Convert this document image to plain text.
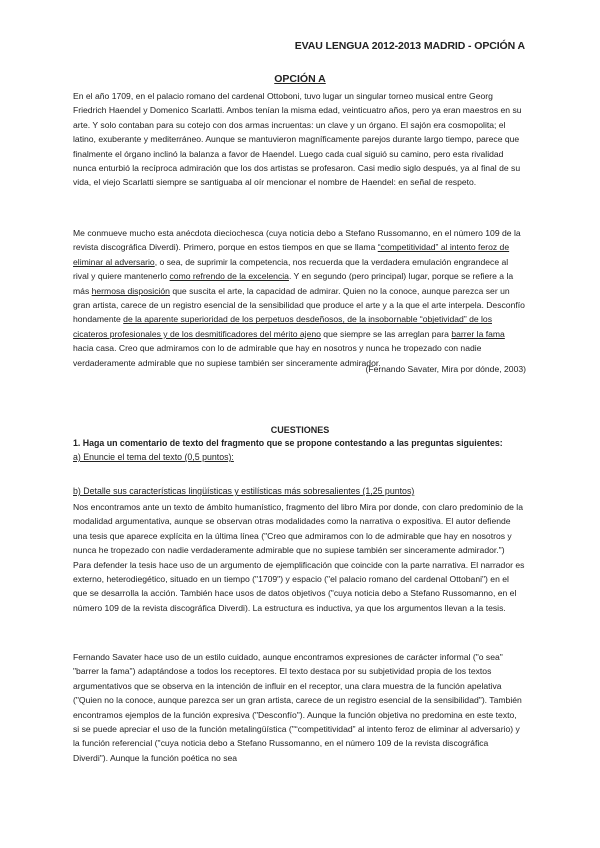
EVAU LENGUA 2012-2013 MADRID - OPCIÓN A
OPCIÓN A

En el año 1709, en el palacio romano del cardenal Ottoboni, tuvo lugar un singular torneo musical entre Georg Friedrich Haendel y Domenico Scarlatti. Ambos tenían la misma edad, veinticuatro años, pero ya eran maestros en su arte. Y solo contaban para su cotejo con dos armas incruentas: un clave y un órgano. El sajón era cosmopolita; el latino, exuberante y mediterráneo. Aunque se mantuvieron magníficamente parejos durante largo tiempo, parece que finalmente el órgano inclinó la balanza a favor de Haendel. Luego cada cual siguió su camino, pero esta rivalidad nunca enturbió la recíproca admiración que los dos artistas se profesaron. Casi medio siglo después, ya al final de su vida, el viejo Scarlatti siempre se santiguaba al oír mencionar el nombre de Haendel: en señal de respeto.

Me conmueve mucho esta anécdota dieciochesca (cuya noticia debo a Stefano Russomanno, en el número 109 de la revista discográfica Diverdi). Primero, porque en estos tiempos en que se llama “competitividad” al intento feroz de eliminar al adversario, o sea, de suprimir la competencia, nos recuerda que la verdadera emulación engrandece al rival y quiere mantenerlo como refrendo de la excelencia. Y en segundo (pero principal) lugar, porque se refiere a la más hermosa disposición que suscita el arte, la capacidad de admirar. Quien no la conoce, aunque parezca ser un gran artista, carece de un registro esencial de la sensibilidad que produce el arte y a la que el arte interpela. Desconfío hondamente de la aparente superioridad de los perpetuos desdeñosos, de la insobornable “objetividad” de los cicateros profesionales y de los desmitificadores del mérito ajeno que siempre se las arreglan para barrer la fama hacia casa. Creo que admiramos con lo de admirable que hay en nosotros y nunca he tropezado con nadie verdaderamente admirable que no supiese también ser sinceramente admirador.

(Fernando Savater, Mira por dónde, 2003)
CUESTIONES
1. Haga un comentario de texto del fragmento que se propone contestando a las preguntas siguientes:
a) Enuncie el tema del texto (0,5 puntos):
b) Detalle sus características lingüísticas y estilísticas más sobresalientes (1,25 puntos)

Nos encontramos ante un texto de ámbito humanístico, fragmento del libro Mira por donde, con claro predominio de la modalidad argumentativa, aunque se observan otras modalidades como la narrativa o expositiva. El autor defiende una tesis que aparece explícita en la última línea ("Creo que admiramos con lo de admirable que hay en nosotros y nunca he tropezado con nadie verdaderamente admirable que no supiese también ser sinceramente admirador.") Para defender la tesis hace uso de un argumento de ejemplificación que coincide con la parte narrativa. El narrador es externo, heterodiegético, situado en un tiempo ("1709") y espacio ("el palacio romano del cardenal Ottobani") en el que se desarrolla la acción. También hace usos de datos objetivos ("cuya noticia debo a Stefano Russomanno, en el número 109 de la revista discográfica Diverdi). La estructura es inductiva, ya que los argumentos llevan a la tesis.

Fernando Savater hace uso de un estilo cuidado, aunque encontramos expresiones de carácter informal ("o sea" "barrer la fama") adaptándose a todos los receptores. El texto destaca por su subjetividad propia de los textos argumentativos que se observa en la intención de influir en el receptor, una clara muestra de la función apelativa ("Quien no la conoce, aunque parezca ser un gran artista, carece de un registro esencial de la sensibilidad"). También encontramos ejemplos de la función expresiva ("Desconfío"). Aunque la función objetiva no predomina en este texto, si se puede apreciar el uso de la función metalingüística ("“competitividad” al intento feroz de eliminar al adversario) y la función referencial ("cuya noticia debo a Stefano Russomanno, en el número 109 de la revista discográfica Diverdi"). Aunque la función poética no sea
